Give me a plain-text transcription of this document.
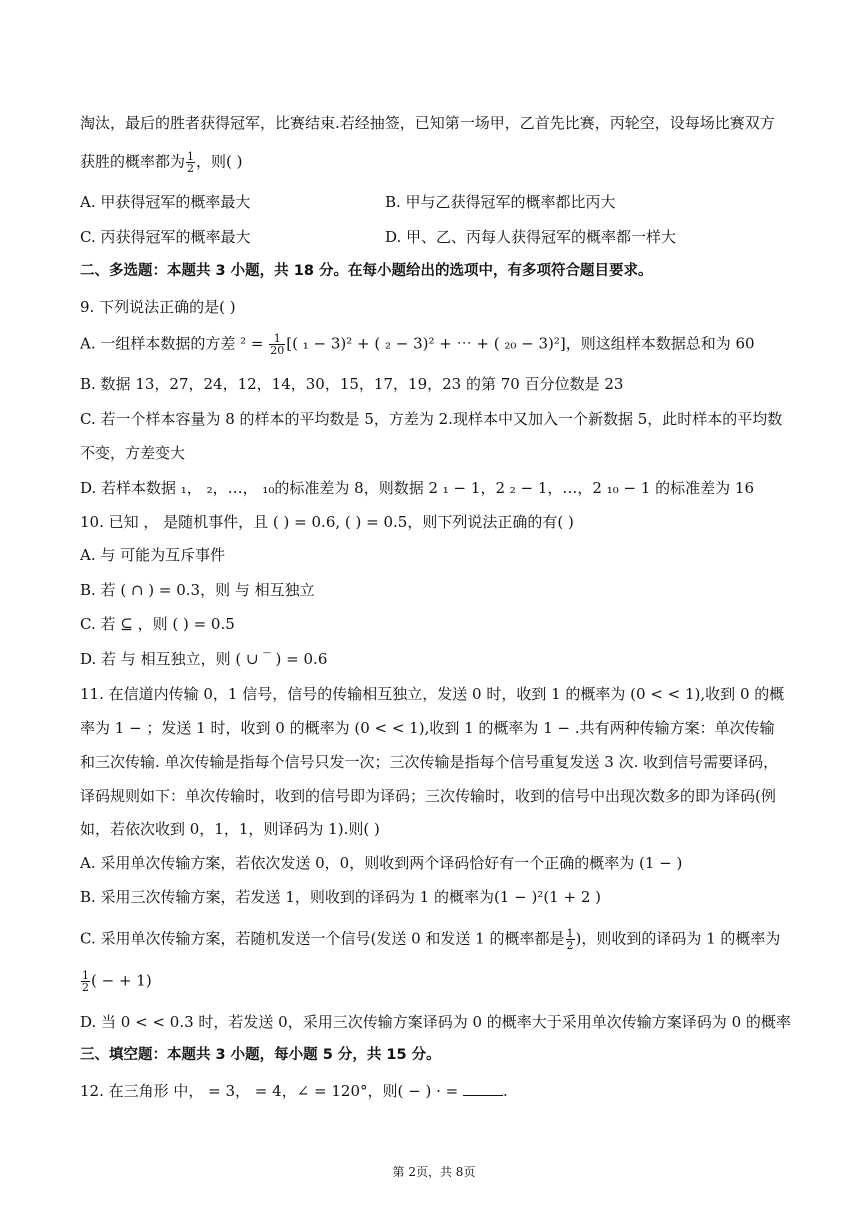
淘汰，最后的胜者获得冠军，比赛结束.若经抽签，已知第一场甲，乙首先比赛，丙轮空，设每场比赛双方
获胜的概率都为 $\frac{1}{2}$ ，则( )
A. 甲获得冠军的概率最大	B. 甲与乙获得冠军的概率都比丙大
C. 丙获得冠军的概率最大	D. 甲、乙、丙每人获得冠军的概率都一样大
二、多选题：本题共 3 小题，共 18 分。在每小题给出的选项中，有多项符合题目要求。
9. 下列说法正确的是( )
A. 一组样本数据的方差 $^2 = \frac{1}{20}$ [( ₁ − 3)² + ( ₂ − 3)² + ⋯ + ( ₂₀ − 3)²]，则这组样本数据总和为 60
B. 数据 13，27，24，12，14，30，15，17，19，23 的第 70 百分位数是 23
C. 若一个样本容量为 8 的样本的平均数是 5，方差为 2.现样本中又加入一个新数据 5，此时样本的平均数
不变，方差变大
D. 若样本数据 ₁， ₂，…， ₁₀的标准差为 8，则数据 2 ₁ − 1，2 ₂ − 1，…，2 ₁₀ − 1 的标准差为 16
10. 已知 ， 是随机事件，且 ( ) = 0.6, ( ) = 0.5，则下列说法正确的有( )
A. 与 可能为互斥事件
B. 若 ( ∩ ) = 0.3，则 与 相互独立
C. 若 ⊆ ，则 ( ) = 0.5
D. 若 与 相互独立，则 ( ∪ ‾ ) = 0.6
11. 在信道内传输 0，1 信号，信号的传输相互独立，发送 0 时，收到 1 的概率为 (0 < < 1),收到 0 的概
率为 1 − ；发送 1 时，收到 0 的概率为 (0 < < 1),收到 1 的概率为 1 − .共有两种传输方案：单次传输
和三次传输. 单次传输是指每个信号只发一次；三次传输是指每个信号重复发送 3 次. 收到信号需要译码，
译码规则如下：单次传输时，收到的信号即为译码；三次传输时，收到的信号中出现次数多的即为译码(例
如，若依次收到 0，1，1，则译码为 1).则( )
A. 采用单次传输方案，若依次发送 0，0，则收到两个译码恰好有一个正确的概率为 (1 − )
B. 采用三次传输方案，若发送 1，则收到的译码为 1 的概率为(1 − )²(1 + 2 )
C. 采用单次传输方案，若随机发送一个信号(发送 0 和发送 1 的概率都是 $\frac{1}{2}$ )，则收到的译码为 1 的概率为
$\frac{1}{2}$ ( − + 1)
D. 当 0 < < 0.3 时，若发送 0，采用三次传输方案译码为 0 的概率大于采用单次传输方案译码为 0 的概率
三、填空题：本题共 3 小题，每小题 5 分，共 15 分。
12. 在三角形 中， = 3， = 4，∠ = 120°，则( − ) · =	.
第 2页，共 8页
